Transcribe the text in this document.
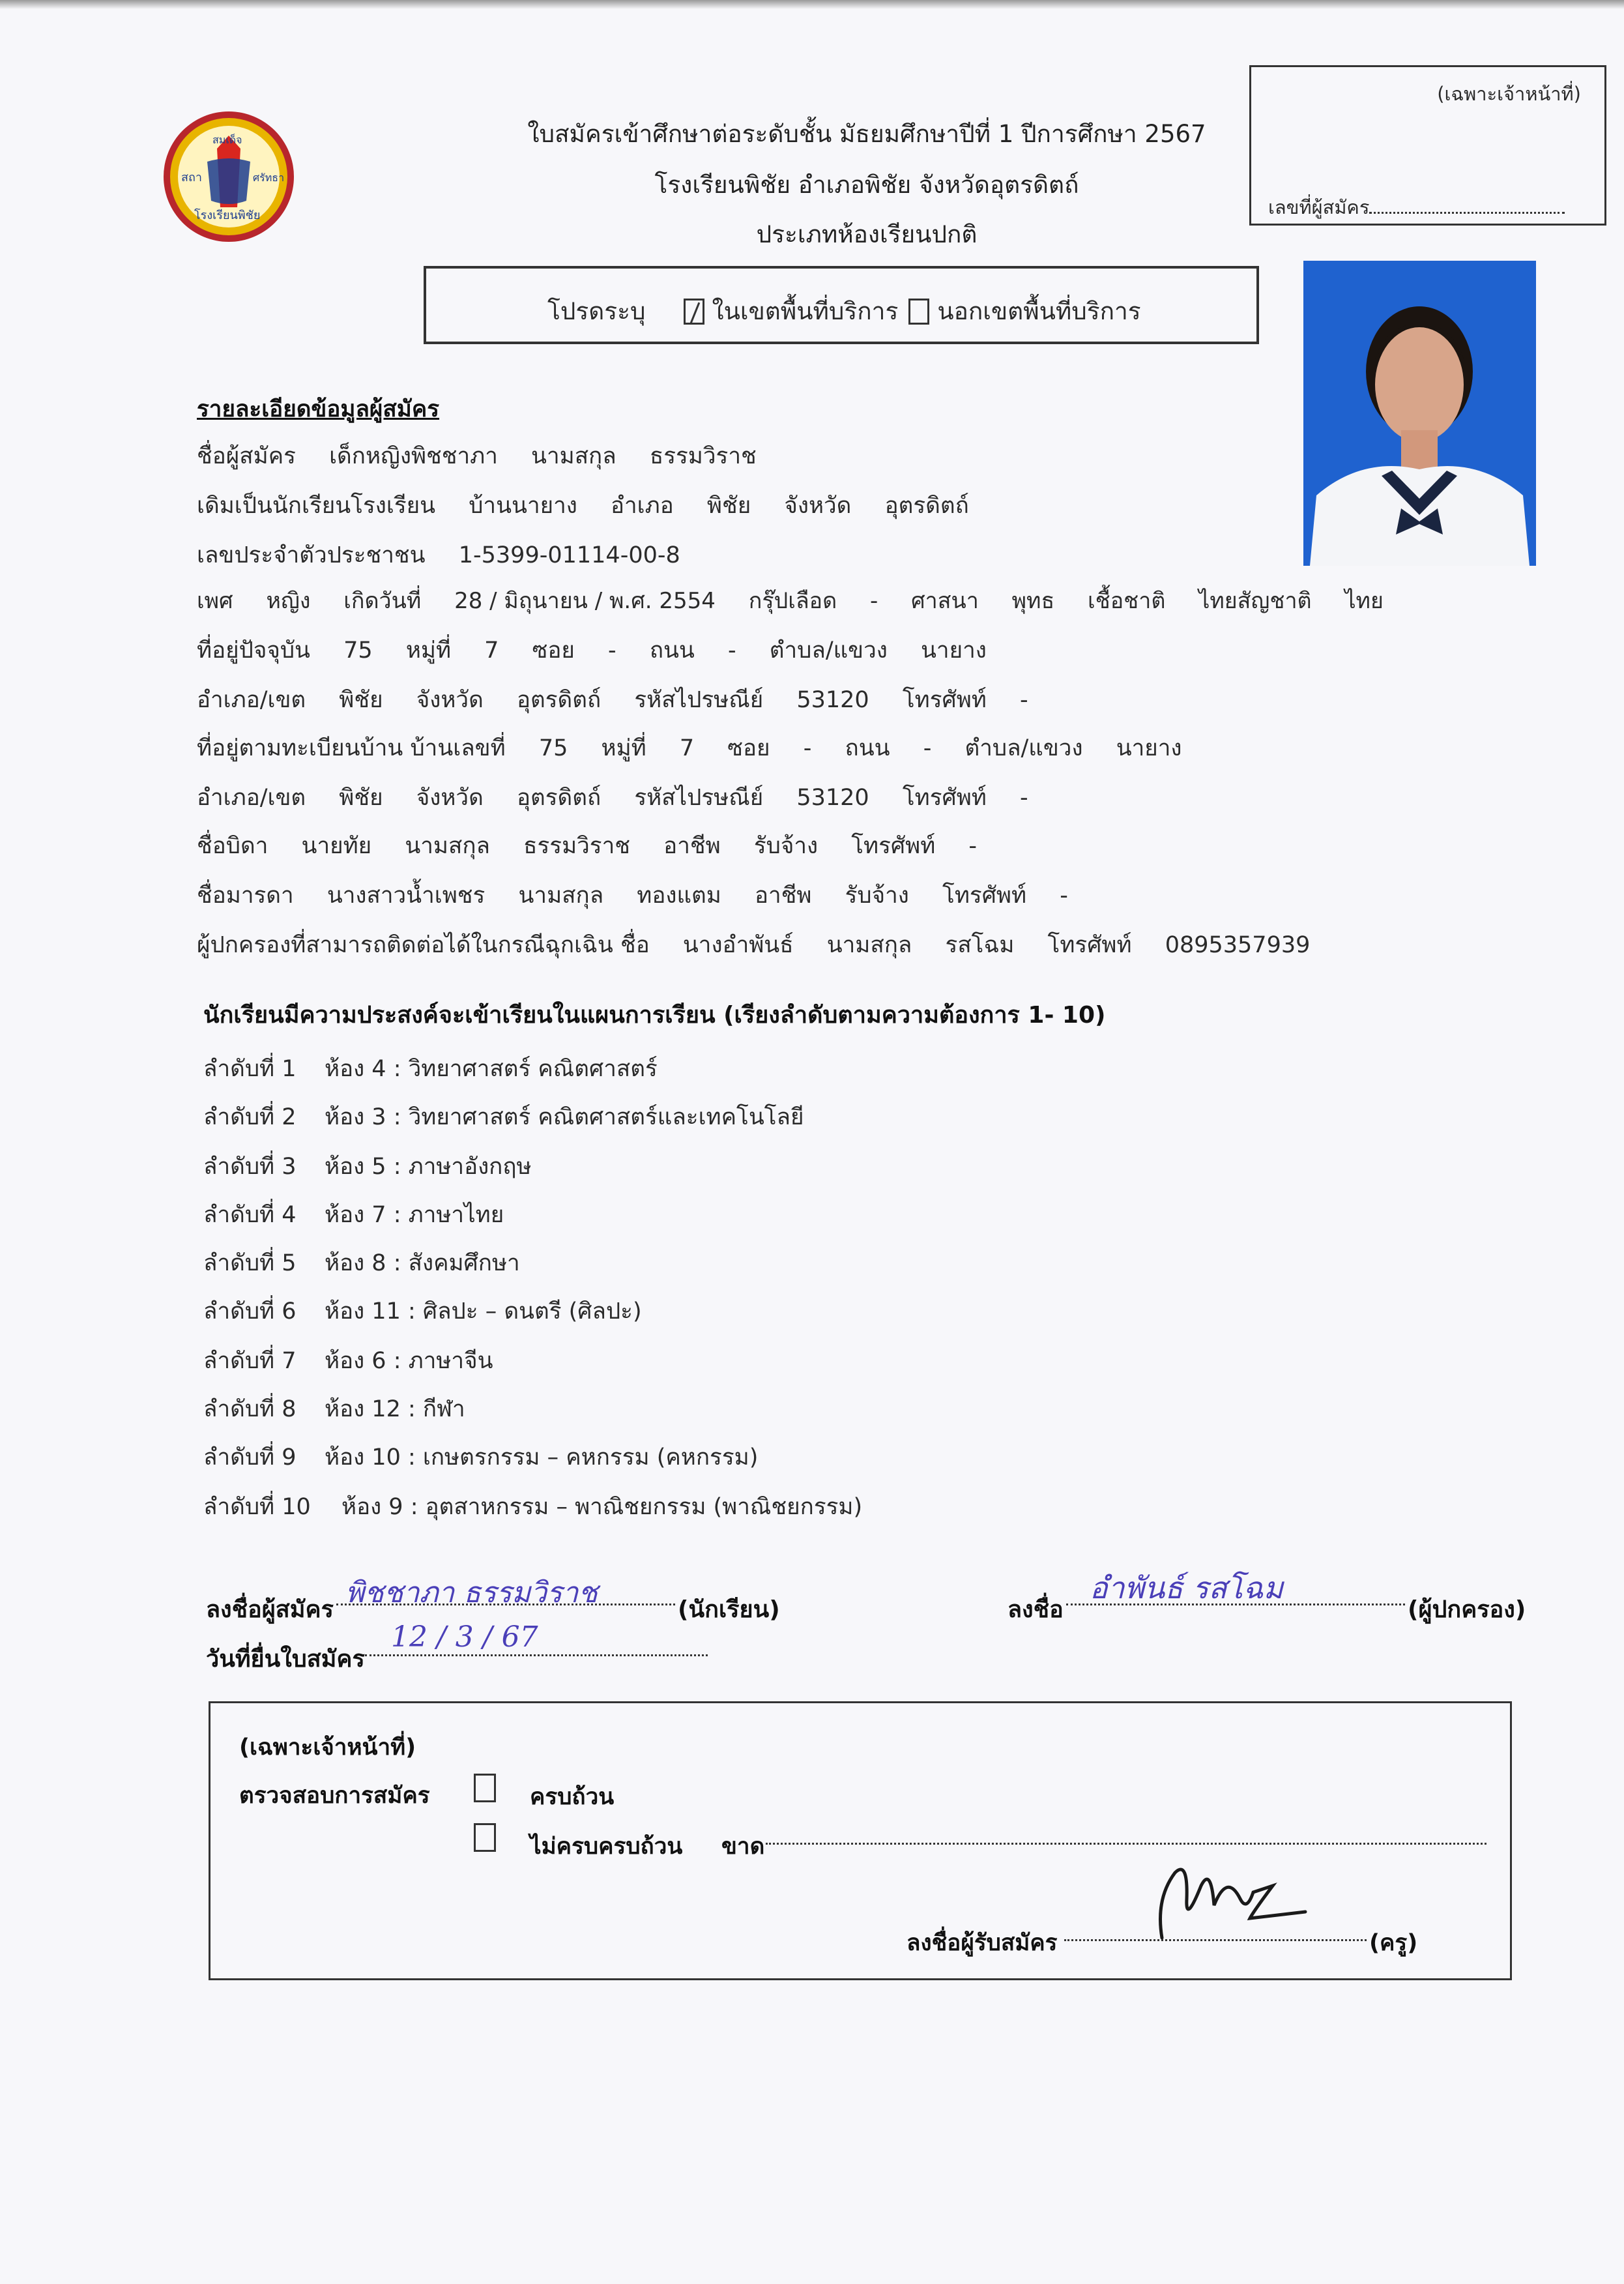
สถา
สมเด็จ
ศรัทธา
โรงเรียนพิชัย
ใบสมัครเข้าศึกษาต่อระดับชั้น มัธยมศึกษาปีที่ 1 ปีการศึกษา 2567
โรงเรียนพิชัย อำเภอพิชัย จังหวัดอุตรดิตถ์
ประเภทห้องเรียนปกติ
(เฉพาะเจ้าหน้าที่)
เลขที่ผู้สมัคร
โปรดระบุ	ในเขตพื้นที่บริการ นอกเขตพื้นที่บริการ
รายละเอียดข้อมูลผู้สมัคร
ชื่อผู้สมัคร เด็กหญิงพิชชาภา นามสกุล ธรรมวิราช
เดิมเป็นนักเรียนโรงเรียน บ้านนายาง อำเภอ พิชัย จังหวัด อุตรดิตถ์
เลขประจำตัวประชาชน 1-5399-01114-00-8
เพศ หญิง เกิดวันที่ 28 / มิถุนายน / พ.ศ. 2554 กรุ๊ปเลือด - ศาสนา พุทธ เชื้อชาติ ไทยสัญชาติ ไทย
ที่อยู่ปัจจุบัน 75 หมู่ที่ 7 ซอย - ถนน - ตำบล/แขวง นายาง
อำเภอ/เขต พิชัย จังหวัด อุตรดิตถ์ รหัสไปรษณีย์ 53120 โทรศัพท์ -
ที่อยู่ตามทะเบียนบ้าน บ้านเลขที่ 75 หมู่ที่ 7 ซอย - ถนน - ตำบล/แขวง นายาง
อำเภอ/เขต พิชัย จังหวัด อุตรดิตถ์ รหัสไปรษณีย์ 53120 โทรศัพท์ -
ชื่อบิดา นายทัย นามสกุล ธรรมวิราช อาชีพ รับจ้าง โทรศัพท์ -
ชื่อมารดา นางสาวน้ำเพชร นามสกุล ทองแตม อาชีพ รับจ้าง โทรศัพท์ -
ผู้ปกครองที่สามารถติดต่อได้ในกรณีฉุกเฉิน ชื่อ นางอำพันธ์ นามสกุล รสโฉม โทรศัพท์ 0895357939
นักเรียนมีความประสงค์จะเข้าเรียนในแผนการเรียน (เรียงลำดับตามความต้องการ 1- 10)
ลำดับที่ 1 ห้อง 4 : วิทยาศาสตร์ คณิตศาสตร์
ลำดับที่ 2 ห้อง 3 : วิทยาศาสตร์ คณิตศาสตร์และเทคโนโลยี
ลำดับที่ 3 ห้อง 5 : ภาษาอังกฤษ
ลำดับที่ 4 ห้อง 7 : ภาษาไทย
ลำดับที่ 5 ห้อง 8 : สังคมศึกษา
ลำดับที่ 6 ห้อง 11 : ศิลปะ – ดนตรี (ศิลปะ)
ลำดับที่ 7 ห้อง 6 : ภาษาจีน
ลำดับที่ 8 ห้อง 12 : กีฬา
ลำดับที่ 9 ห้อง 10 : เกษตรกรรม – คหกรรม (คหกรรม)
ลำดับที่ 10 ห้อง 9 : อุตสาหกรรม – พาณิชยกรรม (พาณิชยกรรม)
ลงชื่อผู้สมัคร
พิชชาภา ธรรมวิราช
(นักเรียน)	ลงชื่อ
อำพันธ์ รสโฉม
(ผู้ปกครอง)
วันที่ยื่นใบสมัคร
12 / 3 / 67
(เฉพาะเจ้าหน้าที่)
ตรวจสอบการสมัคร	ครบถ้วน
ไม่ครบครบถ้วน ขาด
ลงชื่อผู้รับสมัคร	(ครู)
